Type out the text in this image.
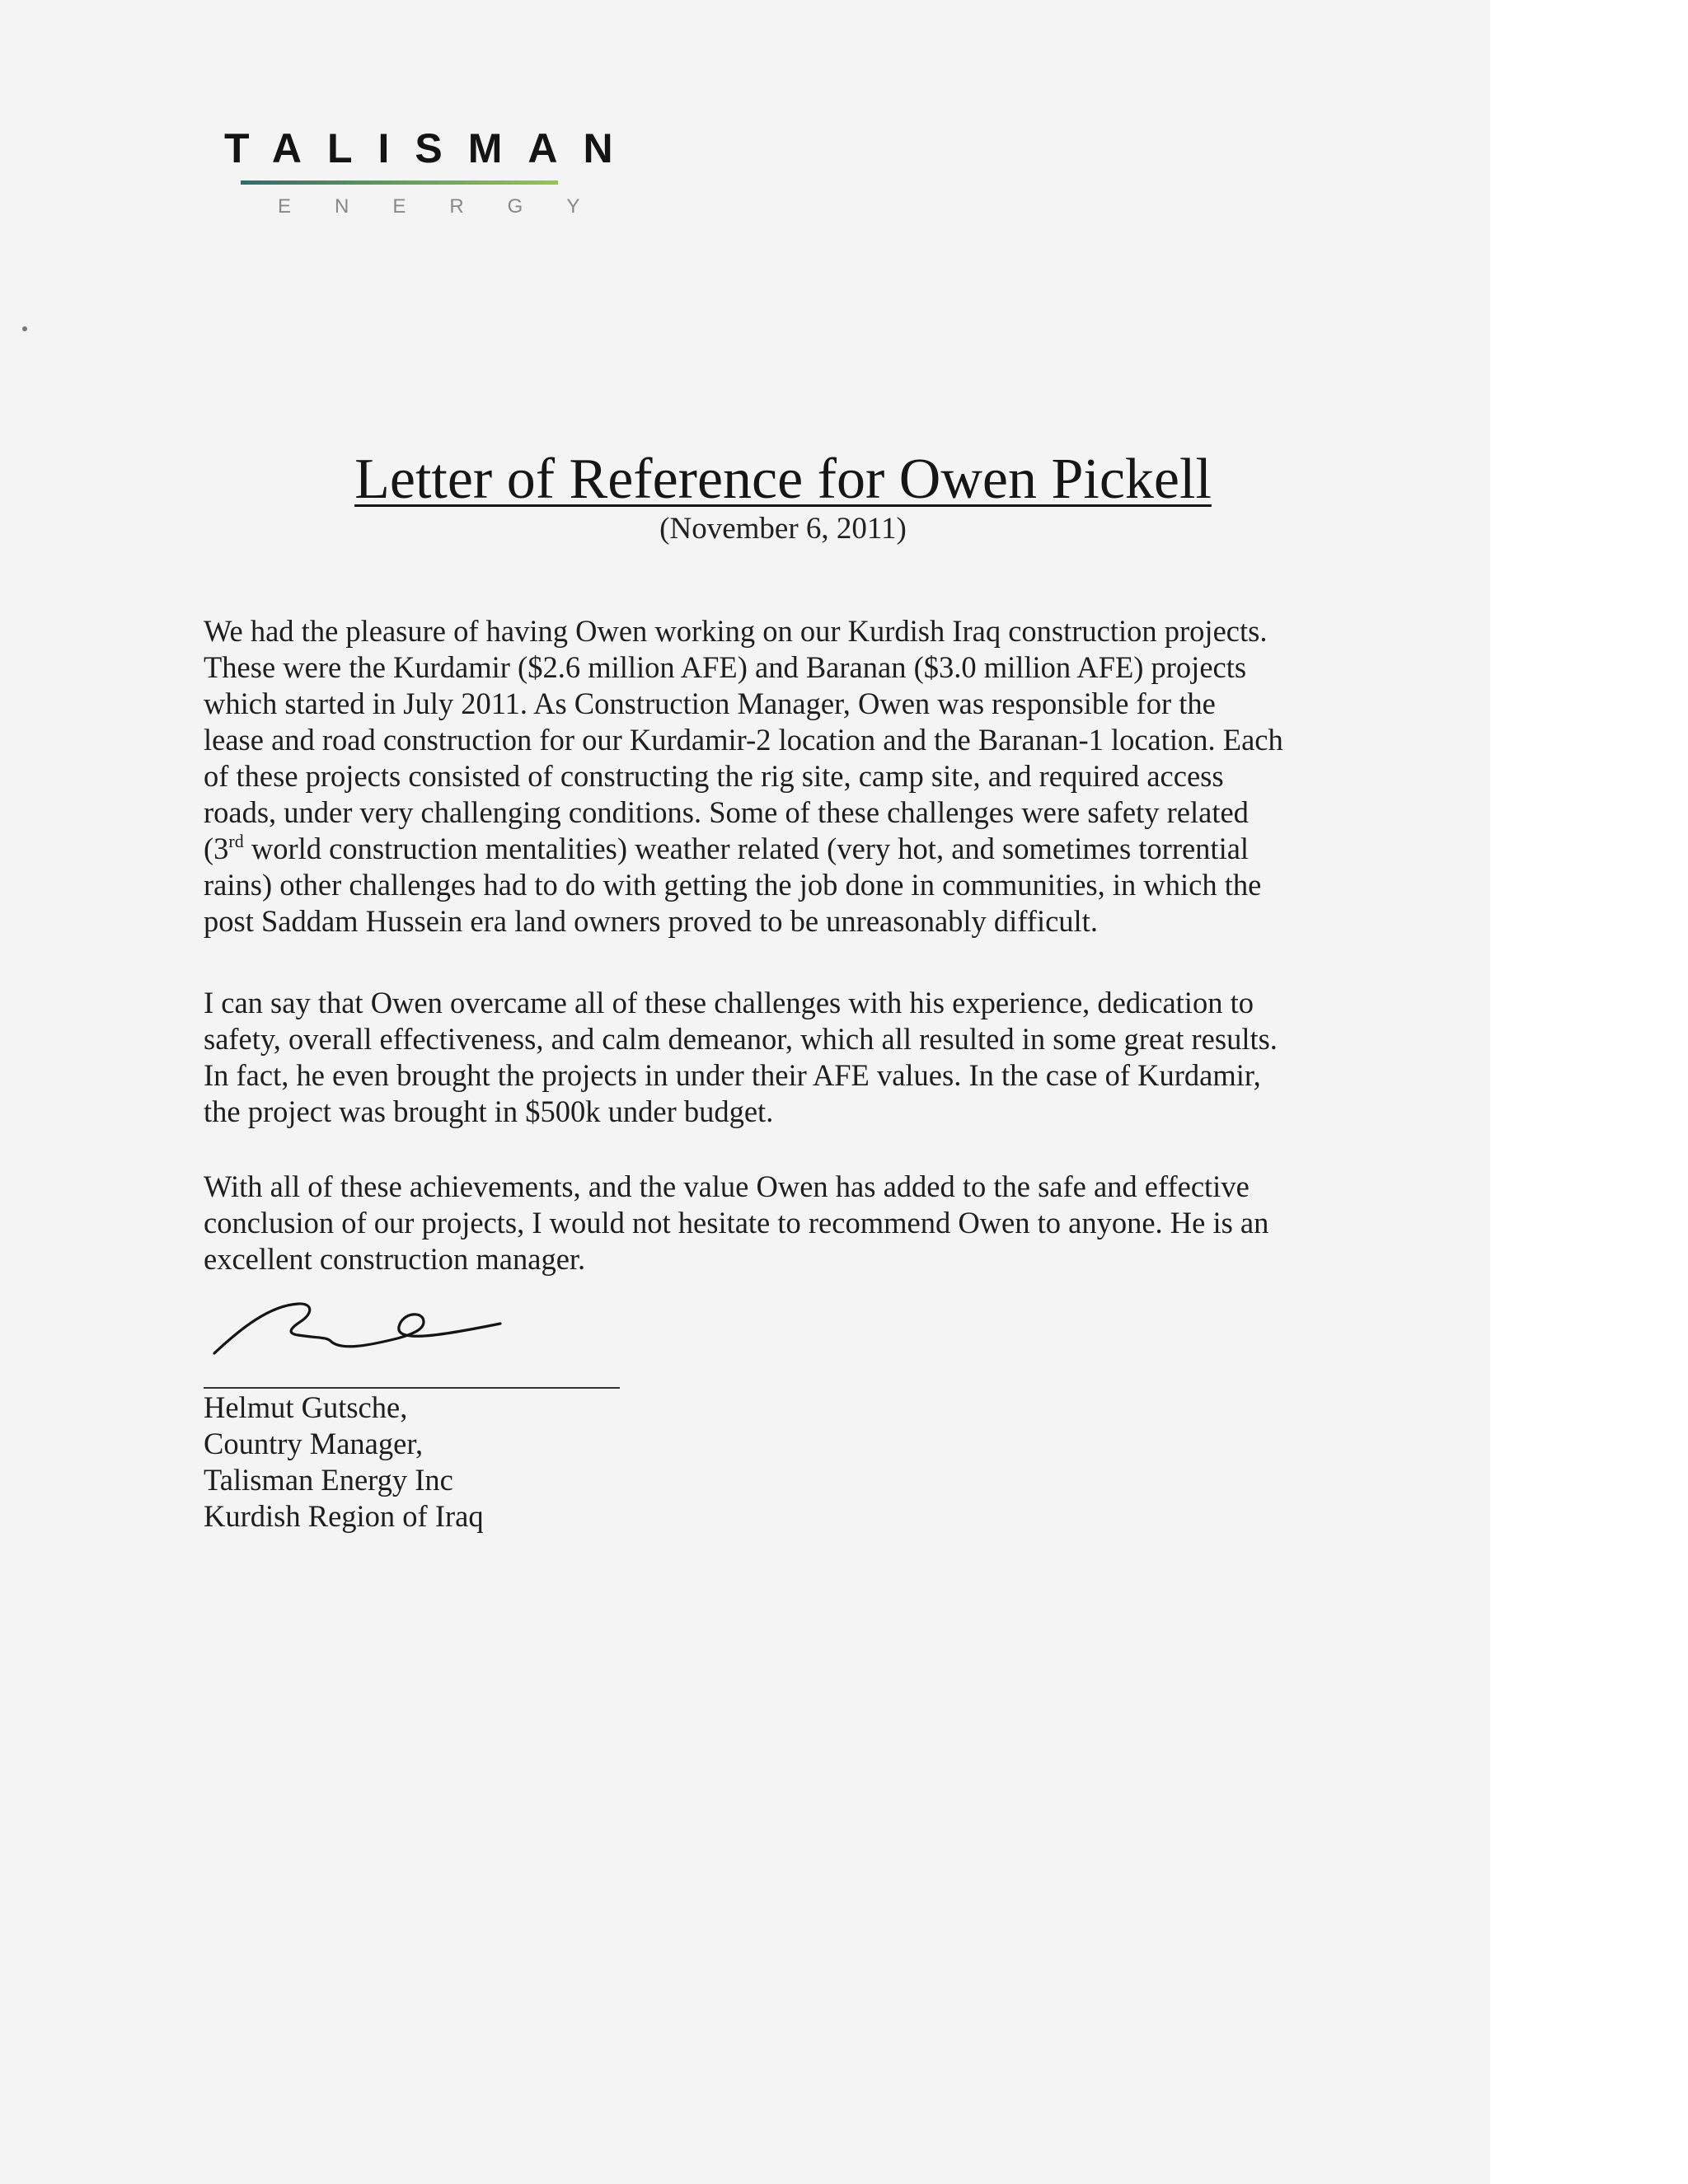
TALISMAN
ENERGY
Letter of Reference for Owen Pickell
(November 6, 2011)
We had the pleasure of having Owen working on our Kurdish Iraq construction projects.
These were the Kurdamir ($2.6 million AFE) and Baranan ($3.0 million AFE) projects
which started in July 2011. As Construction Manager, Owen was responsible for the
lease and road construction for our Kurdamir-2 location and the Baranan-1 location. Each
of these projects consisted of constructing the rig site, camp site, and required access
roads, under very challenging conditions. Some of these challenges were safety related
(3rd world construction mentalities) weather related (very hot, and sometimes torrential
rains) other challenges had to do with getting the job done in communities, in which the
post Saddam Hussein era land owners proved to be unreasonably difficult.
I can say that Owen overcame all of these challenges with his experience, dedication to
safety, overall effectiveness, and calm demeanor, which all resulted in some great results.
In fact, he even brought the projects in under their AFE values. In the case of Kurdamir,
the project was brought in $500k under budget.
With all of these achievements, and the value Owen has added to the safe and effective
conclusion of our projects, I would not hesitate to recommend Owen to anyone. He is an
excellent construction manager.
Helmut Gutsche,
Country Manager,
Talisman Energy Inc
Kurdish Region of Iraq
